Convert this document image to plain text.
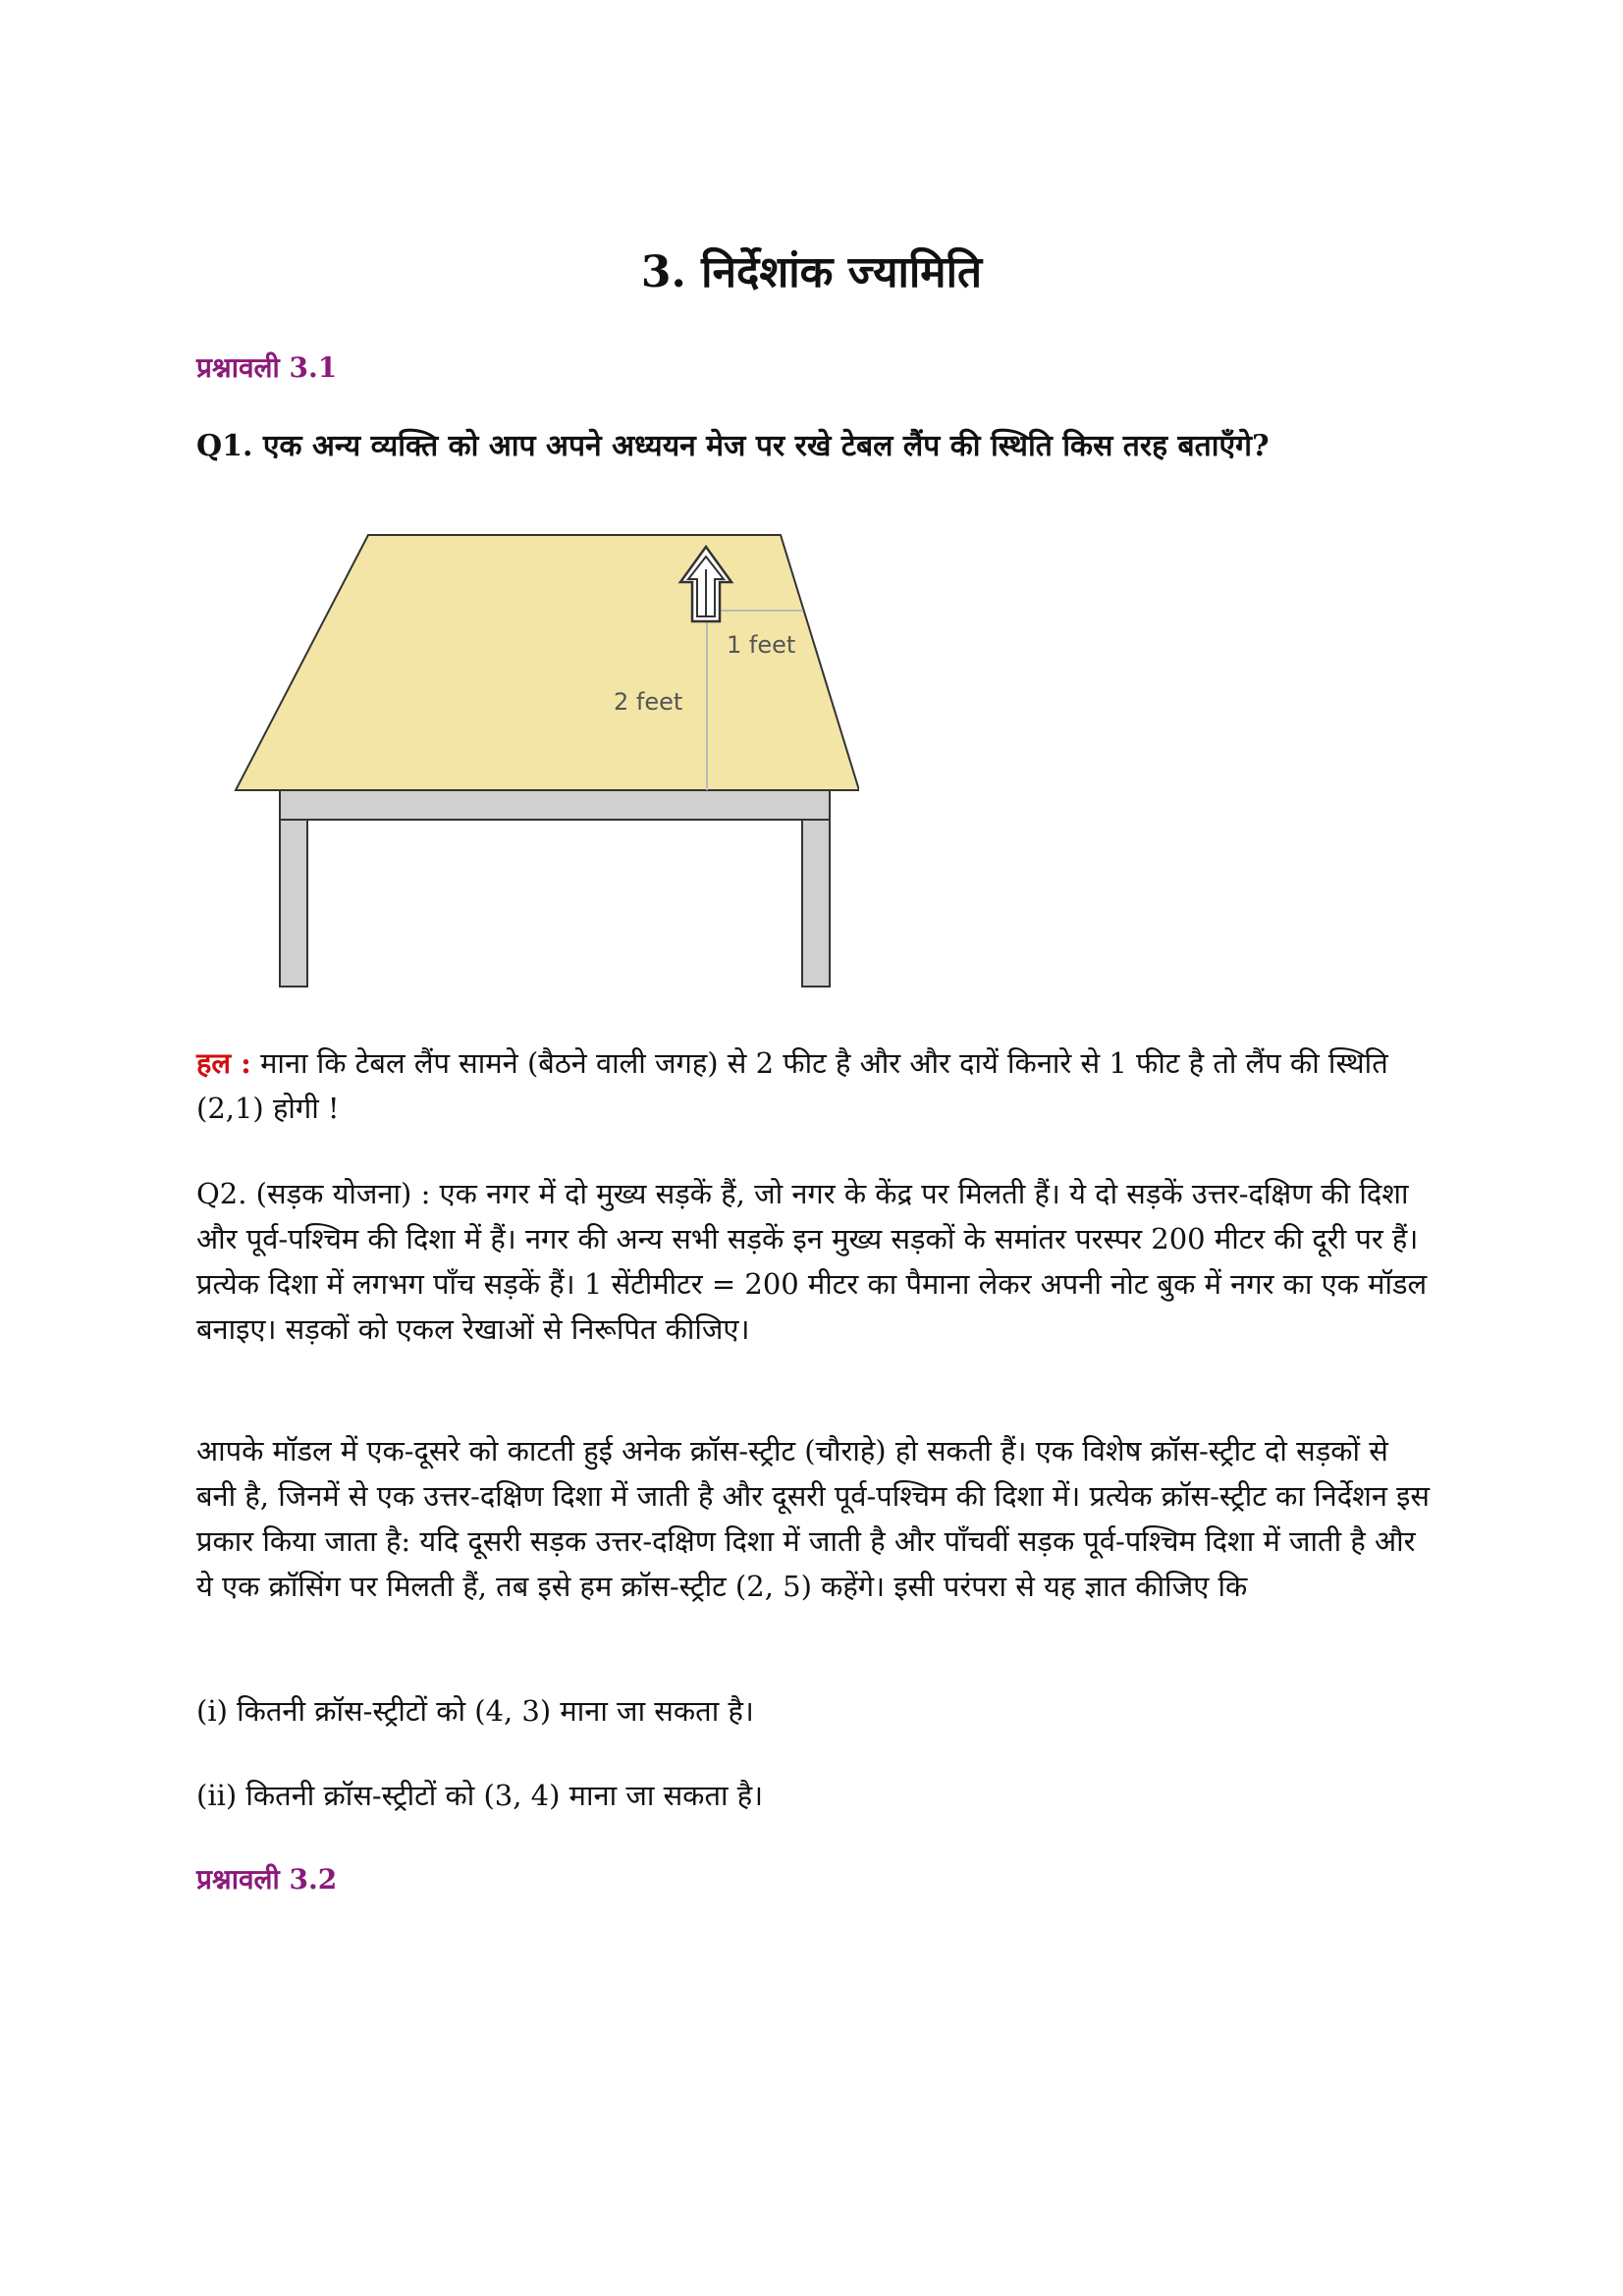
3. निर्देशांक ज्यामिति
प्रश्नावली 3.1
Q1. एक अन्य व्यक्ति को आप अपने अध्ययन मेज पर रखे टेबल लैंप की स्थिति किस तरह बताएँगे?
1 feet
2 feet
हल : माना कि टेबल लैंप सामने (बैठने वाली जगह) से 2 फीट है और और दायें किनारे से 1 फीट है तो लैंप की स्थिति (2,1) होगी !
Q2. (सड़क योजना) : एक नगर में दो मुख्य सड़कें हैं, जो नगर के केंद्र पर मिलती हैं। ये दो सड़कें उत्तर-दक्षिण की दिशा और पूर्व-पश्चिम की दिशा में हैं। नगर की अन्य सभी सड़कें इन मुख्य सड़कों के समांतर परस्पर 200 मीटर की दूरी पर हैं। प्रत्येक दिशा में लगभग पाँच सड़कें हैं। 1 सेंटीमीटर = 200 मीटर का पैमाना लेकर अपनी नोट बुक में नगर का एक मॉडल बनाइए। सड़कों को एकल रेखाओं से निरूपित कीजिए।
आपके मॉडल में एक-दूसरे को काटती हुई अनेक क्रॉस-स्ट्रीट (चौराहे) हो सकती हैं। एक विशेष क्रॉस-स्ट्रीट दो सड़कों से बनी है, जिनमें से एक उत्तर-दक्षिण दिशा में जाती है और दूसरी पूर्व-पश्चिम की दिशा में। प्रत्येक क्रॉस-स्ट्रीट का निर्देशन इस प्रकार किया जाता है: यदि दूसरी सड़क उत्तर-दक्षिण दिशा में जाती है और पाँचवीं सड़क पूर्व-पश्चिम दिशा में जाती है और ये एक क्रॉसिंग पर मिलती हैं, तब इसे हम क्रॉस-स्ट्रीट (2, 5) कहेंगे। इसी परंपरा से यह ज्ञात कीजिए कि
(i) कितनी क्रॉस-स्ट्रीटों को (4, 3) माना जा सकता है।
(ii) कितनी क्रॉस-स्ट्रीटों को (3, 4) माना जा सकता है।
प्रश्नावली 3.2
